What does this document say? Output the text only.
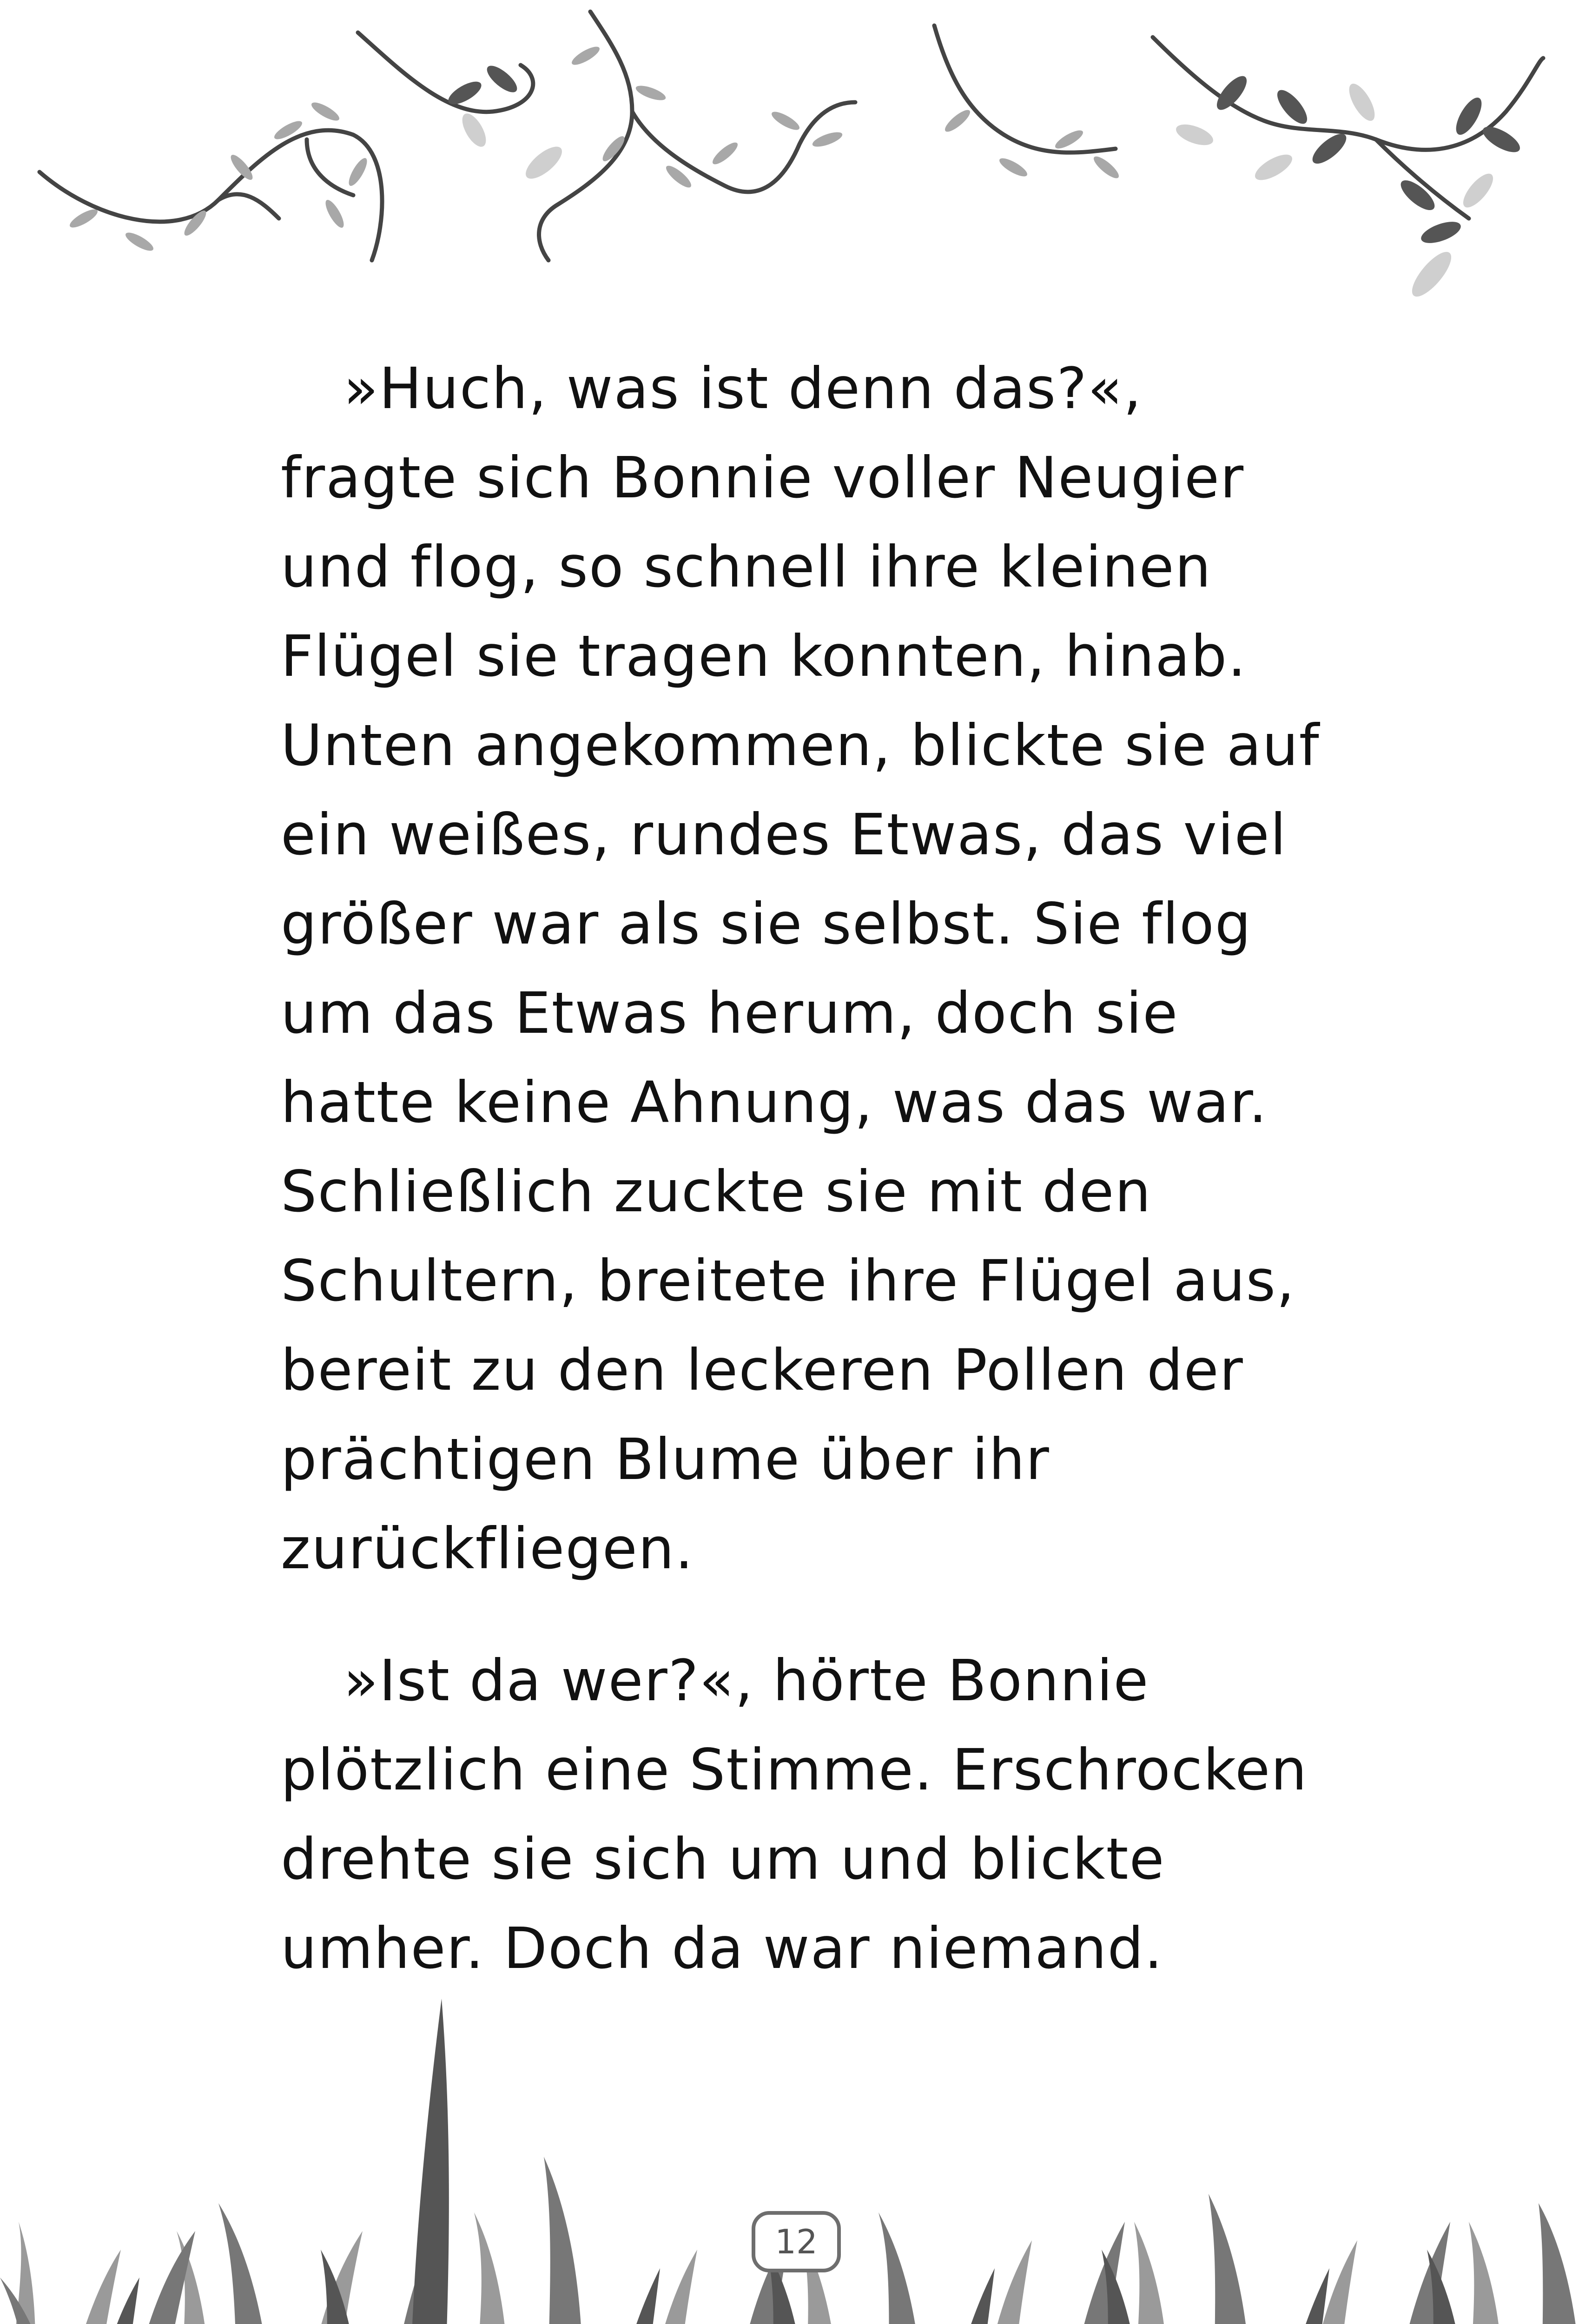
»Huch, was ist denn das?«,
fragte sich Bonnie voller Neugier
und flog, so schnell ihre kleinen
Flügel sie tragen konnten, hinab.
Unten angekommen, blickte sie auf
ein weißes, rundes Etwas, das viel
größer war als sie selbst. Sie flog
um das Etwas herum, doch sie
hatte keine Ahnung, was das war.
Schließlich zuckte sie mit den
Schultern, breitete ihre Flügel aus,
bereit zu den leckeren Pollen der
prächtigen Blume über ihr
zurückfliegen.
»Ist da wer?«, hörte Bonnie
plötzlich eine Stimme. Erschrocken
drehte sie sich um und blickte
umher. Doch da war niemand.
12
